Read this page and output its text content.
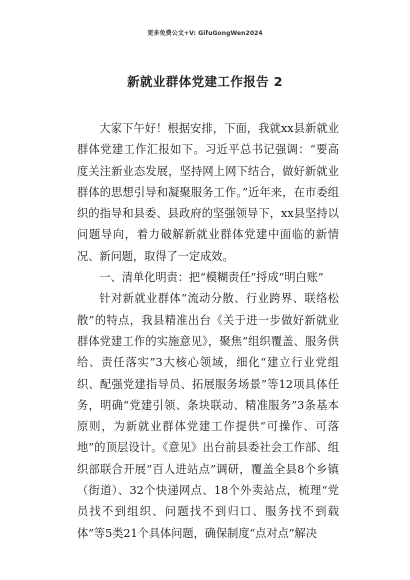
更多免费公文+V: GifuGongWen2024
新就业群体党建工作报告 2

大家下午好！根据安排，下面，我就xx县新就业群体党建工作汇报如下。习近平总书记强调：“要高度关注新业态发展，坚持网上网下结合，做好新就业群体的思想引导和凝聚服务工作。”近年来，在市委组织的指导和县委、县政府的坚强领导下，xx县坚持以问题导向，着力破解新就业群体党建中面临的新情况、新问题，取得了一定成效。

一、清单化明责：把“模糊责任”捋成“明白账”

针对新就业群体“流动分散、行业跨界、联络松散”的特点，我县精准出台《关于进一步做好新就业群体党建工作的实施意见》，聚焦“组织覆盖、服务供给、责任落实”3大核心领域，细化“建立行业党组织、配强党建指导员、拓展服务场景”等12项具体任务，明确“党建引领、条块联动、精准服务”3条基本原则，为新就业群体党建工作提供“可操作、可落地”的顶层设计。《意见》出台前县委社会工作部、组织部联合开展“百人进站点”调研，覆盖全县8个乡镇（街道）、32个快递网点、18个外卖站点，梳理“党员找不到组织、问题找不到归口、服务找不到载体”等5类21个具体问题，确保制度“点对点”解决
